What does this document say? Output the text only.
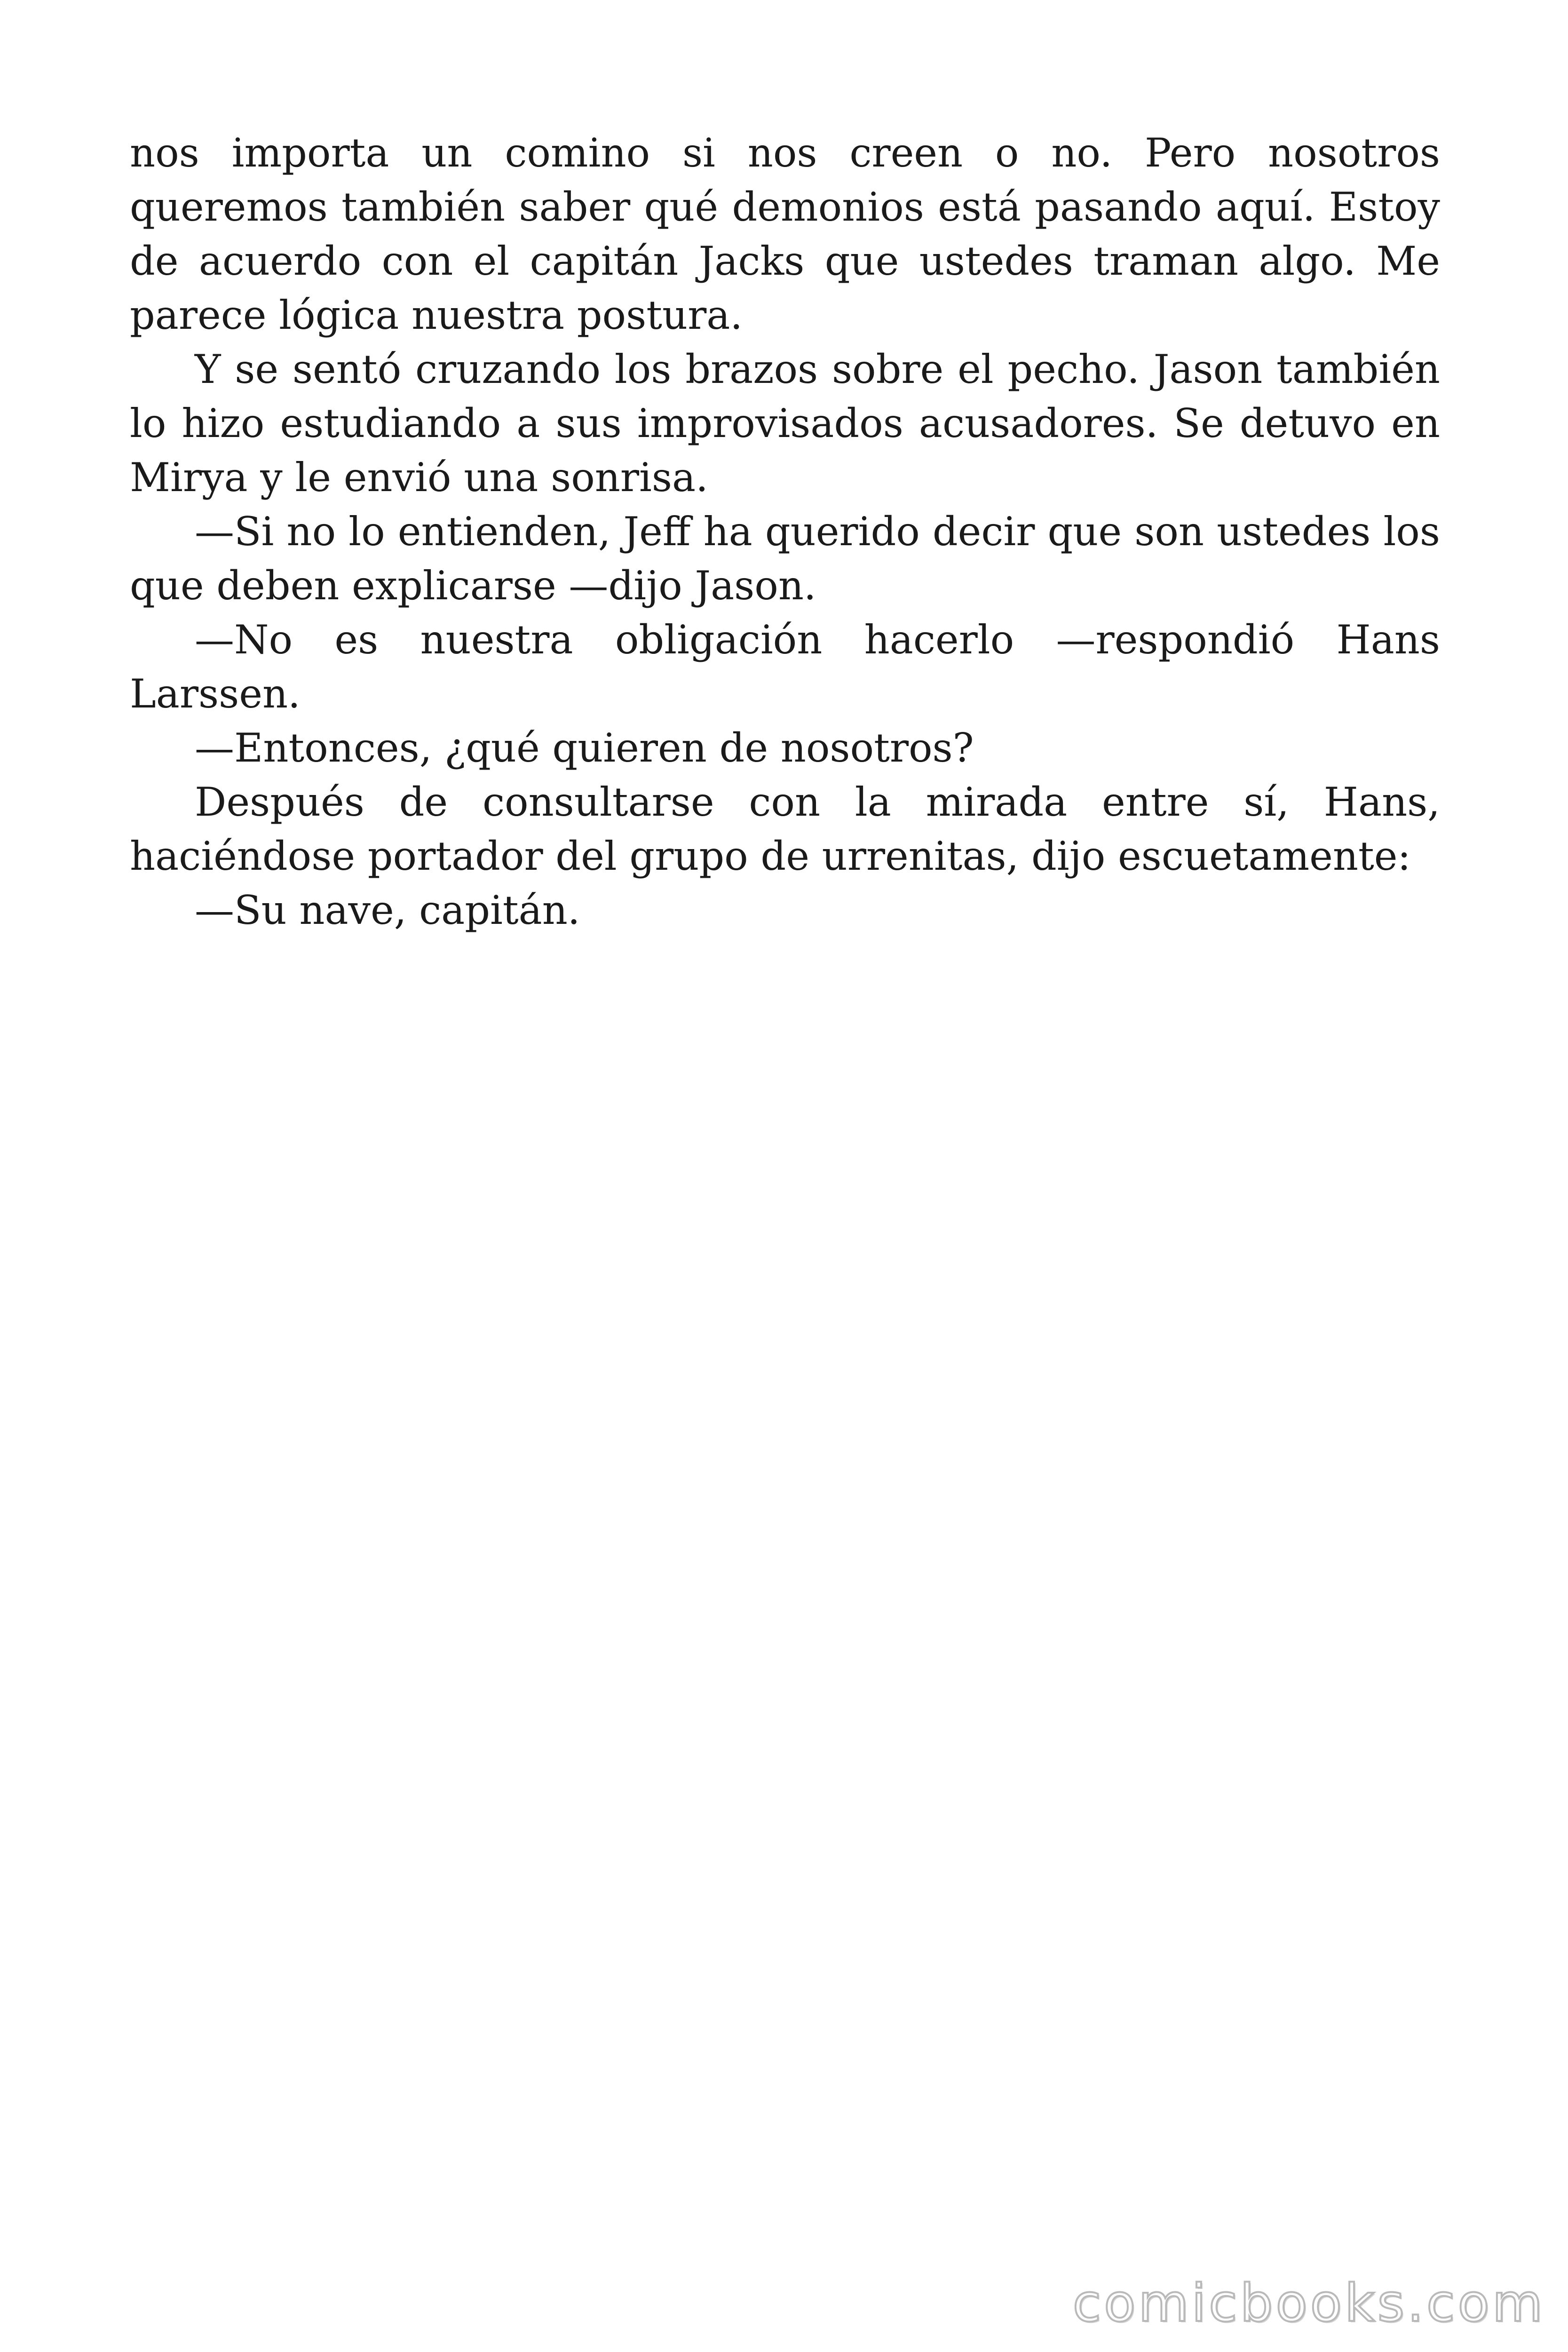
nos importa un comino si nos creen o no. Pero nosotros queremos también saber qué demonios está pasando aquí. Estoy de acuerdo con el capitán Jacks que ustedes traman algo. Me parece lógica nuestra postura.

Y se sentó cruzando los brazos sobre el pecho. Jason también lo hizo estudiando a sus improvisados acusadores. Se detuvo en Mirya y le envió una sonrisa.

—Si no lo entienden, Jeff ha querido decir que son ustedes los que deben explicarse —dijo Jason.

—No es nuestra obligación hacerlo —respondió Hans Larssen.

—Entonces, ¿qué quieren de nosotros?

Después de consultarse con la mirada entre sí, Hans, haciéndose portador del grupo de urrenitas, dijo escuetamente:

—Su nave, capitán.

comicbooks.com
